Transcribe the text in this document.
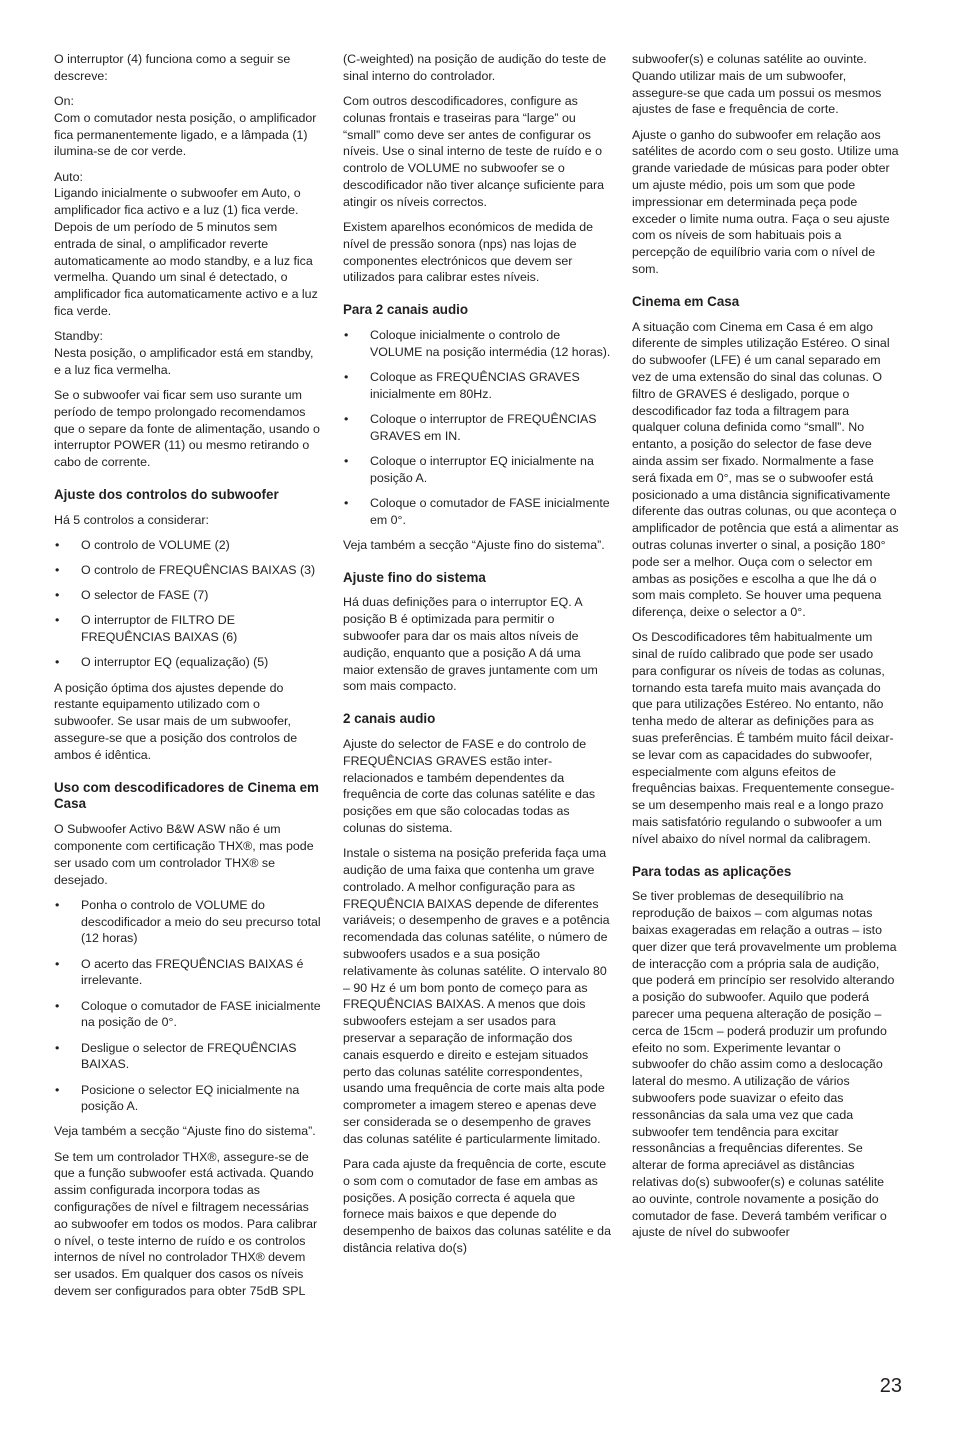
O interruptor (4) funciona como a seguir se descreve:

On:
Com o comutador nesta posição, o amplificador fica permanentemente ligado, e a lâmpada (1) ilumina-se de cor verde.

Auto:
Ligando inicialmente o subwoofer em Auto, o amplificador fica activo e a luz (1) fica verde. Depois de um período de 5 minutos sem entrada de sinal, o amplificador reverte automaticamente ao modo standby, e a luz fica vermelha. Quando um sinal é detectado, o amplificador fica automaticamente activo e a luz fica verde.

Standby:
Nesta posição, o amplificador está em standby, e a luz fica vermelha.

Se o subwoofer vai ficar sem uso surante um período de tempo prolongado recomendamos que o separe da fonte de alimentação, usando o interruptor POWER (11) ou mesmo retirando o cabo de corrente.

Ajuste dos controlos do subwoofer

Há 5 controlos a considerar:

• O controlo de VOLUME (2)
• O controlo de FREQUÊNCIAS BAIXAS (3)
• O selector de FASE (7)
• O interruptor de FILTRO DE FREQUÊNCIAS BAIXAS (6)
• O interruptor EQ (equalização) (5)

A posição óptima dos ajustes depende do restante equipamento utilizado com o subwoofer. Se usar mais de um subwoofer, assegure-se que a posição dos controlos de ambos é idêntica.

Uso com descodificadores de Cinema em Casa

O Subwoofer Activo B&W ASW não é um componente com certificação THX®, mas pode ser usado com um controlador THX® se desejado.

• Ponha o controlo de VOLUME do descodificador a meio do seu precurso total (12 horas)
• O acerto das FREQUÊNCIAS BAIXAS é irrelevante.
• Coloque o comutador de FASE inicialmente na posição de 0°.
• Desligue o selector de FREQUÊNCIAS BAIXAS.
• Posicione o selector EQ inicialmente na posição A.

Veja também a secção “Ajuste fino do sistema”.

Se tem um controlador THX®, assegure-se de que a função subwoofer está activada. Quando assim configurada incorpora todas as configurações de nível e filtragem necessárias ao subwoofer em todos os modos. Para calibrar o nível, o teste interno de ruído e os controlos internos de nível no controlador THX® devem ser usados. Em qualquer dos casos os níveis devem ser configurados para obter 75dB SPL

(C-weighted) na posição de audição do teste de sinal interno do controlador.

Com outros descodificadores, configure as colunas frontais e traseiras para “large” ou “small” como deve ser antes de configurar os níveis. Use o sinal interno de teste de ruído e o controlo de VOLUME no subwoofer se o descodificador não tiver alcançe suficiente para atingir os níveis correctos.

Existem aparelhos económicos de medida de nível de pressão sonora (nps) nas lojas de componentes electrónicos que devem ser utilizados para calibrar estes níveis.

Para 2 canais audio
• Coloque inicialmente o controlo de VOLUME na posição intermédia (12 horas).
• Coloque as FREQUÊNCIAS GRAVES inicialmente em 80Hz.
• Coloque o interruptor de FREQUÊNCIAS GRAVES em IN.
• Coloque o interruptor EQ inicialmente na posição A.
• Coloque o comutador de FASE inicialmente em 0°.

Veja também a secção “Ajuste fino do sistema”.

Ajuste fino do sistema

Há duas definições para o interruptor EQ. A posição B é optimizada para permitir o subwoofer para dar os mais altos níveis de audição, enquanto que a posição A dá uma maior extensão de graves juntamente com um som mais compacto.

2 canais audio

Ajuste do selector de FASE e do controlo de FREQUÊNCIAS GRAVES estão inter-relacionados e também dependentes da frequência de corte das colunas satélite e das posições em que são colocadas todas as colunas do sistema.

Instale o sistema na posição preferida faça uma audição de uma faixa que contenha um grave controlado. A melhor configuração para as FREQUÊNCIA BAIXAS depende de diferentes variáveis; o desempenho de graves e a potência recomendada das colunas satélite, o número de subwoofers usados e a sua posição relativamente às colunas satélite. O intervalo 80 – 90 Hz é um bom ponto de começo para as FREQUÊNCIAS BAIXAS. A menos que dois subwoofers estejam a ser usados para preservar a separação de informação dos canais esquerdo e direito e estejam situados perto das colunas satélite correspondentes, usando uma frequência de corte mais alta pode comprometer a imagem stereo e apenas deve ser considerada se o desempenho de graves das colunas satélite é particularmente limitado.

Para cada ajuste da frequência de corte, escute o som com o comutador de fase em ambas as posições. A posição correcta é aquela que fornece mais baixos e que depende do desempenho de baixos das colunas satélite e da distância relativa do(s)

subwoofer(s) e colunas satélite ao ouvinte. Quando utilizar mais de um subwoofer, assegure-se que cada um possui os mesmos ajustes de fase e frequência de corte.

Ajuste o ganho do subwoofer em relação aos satélites de acordo com o seu gosto. Utilize uma grande variedade de músicas para poder obter um ajuste médio, pois um som que pode impressionar em determinada peça pode exceder o limite numa outra. Faça o seu ajuste com os níveis de som habituais pois a percepção de equilíbrio varia com o nível de som.

Cinema em Casa

A situação com Cinema em Casa é em algo diferente de simples utilização Estéreo. O sinal do subwoofer (LFE) é um canal separado em vez de uma extensão do sinal das colunas. O filtro de GRAVES é desligado, porque o descodificador faz toda a filtragem para qualquer coluna definida como “small”. No entanto, a posição do selector de fase deve ainda assim ser fixado. Normalmente a fase será fixada em 0°, mas se o subwoofer está posicionado a uma distância significativamente diferente das outras colunas, ou que aconteça o amplificador de potência que está a alimentar as outras colunas inverter o sinal, a posição 180° pode ser a melhor. Ouça com o selector em ambas as posições e escolha a que lhe dá o som mais completo. Se houver uma pequena diferença, deixe o selector a 0°.

Os Descodificadores têm habitualmente um sinal de ruído calibrado que pode ser usado para configurar os níveis de todas as colunas, tornando esta tarefa muito mais avançada do que para utilizações Estéreo. No entanto, não tenha medo de alterar as definições para as suas preferências. É também muito fácil deixar-se levar com as capacidades do subwoofer, especialmente com alguns efeitos de frequências baixas. Frequentemente consegue-se um desempenho mais real e a longo prazo mais satisfatório regulando o subwoofer a um nível abaixo do nível normal da calibragem.

Para todas as aplicações

Se tiver problemas de desequilíbrio na reprodução de baixos – com algumas notas baixas exageradas em relação a outras – isto quer dizer que terá provavelmente um problema de interacção com a própria sala de audição, que poderá em princípio ser resolvido alterando a posição do subwoofer. Aquilo que poderá parecer uma pequena alteração de posição – cerca de 15cm – poderá produzir um profundo efeito no som. Experimente levantar o subwoofer do chão assim como a deslocação lateral do mesmo. A utilização de vários subwoofers pode suavizar o efeito das ressonâncias da sala uma vez que cada subwoofer tem tendência para excitar ressonâncias a frequências diferentes. Se alterar de forma apreciável as distâncias relativas do(s) subwoofer(s) e colunas satélite ao ouvinte, controle novamente a posição do comutador de fase. Deverá também verificar o ajuste de nível do subwoofer

23
